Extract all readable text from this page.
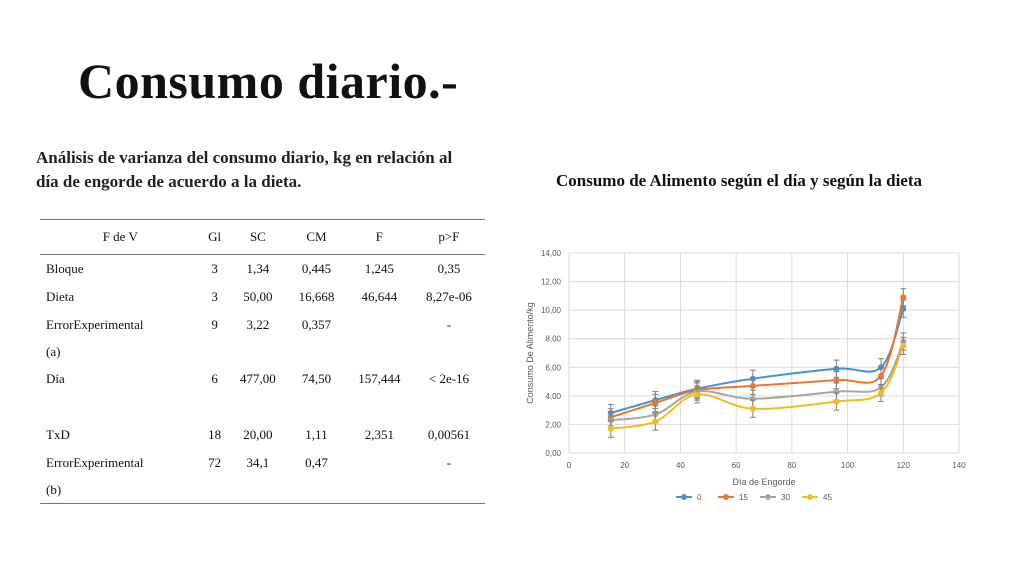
Consumo diario.-
Análisis de varianza del consumo diario, kg en relación al día de engorde de acuerdo a la dieta.	Consumo de Alimento según el día y según la dieta
F de V	Gl	SC	CM	F	p>F
Bloque	3	1,34	0,445	1,245	0,35
Dieta	3	50,00	16,668	46,644	8,27e-06

ErrorExperimental(a)	9	3,22	0,357		-
Día	6	477,00	74,50	157,444	< 2e-16
TxD	18	20,00	1,11	2,351	0,00561

ErrorExperimental(b)	72	34,1	0,47		-
0,00
2,00
4,00
6,00
8,00
10,00
12,00
14,00
0	20	40	60	80	100	120	140
0	15	30	45
Día de Engorde
Consumo De Alimento/kg
